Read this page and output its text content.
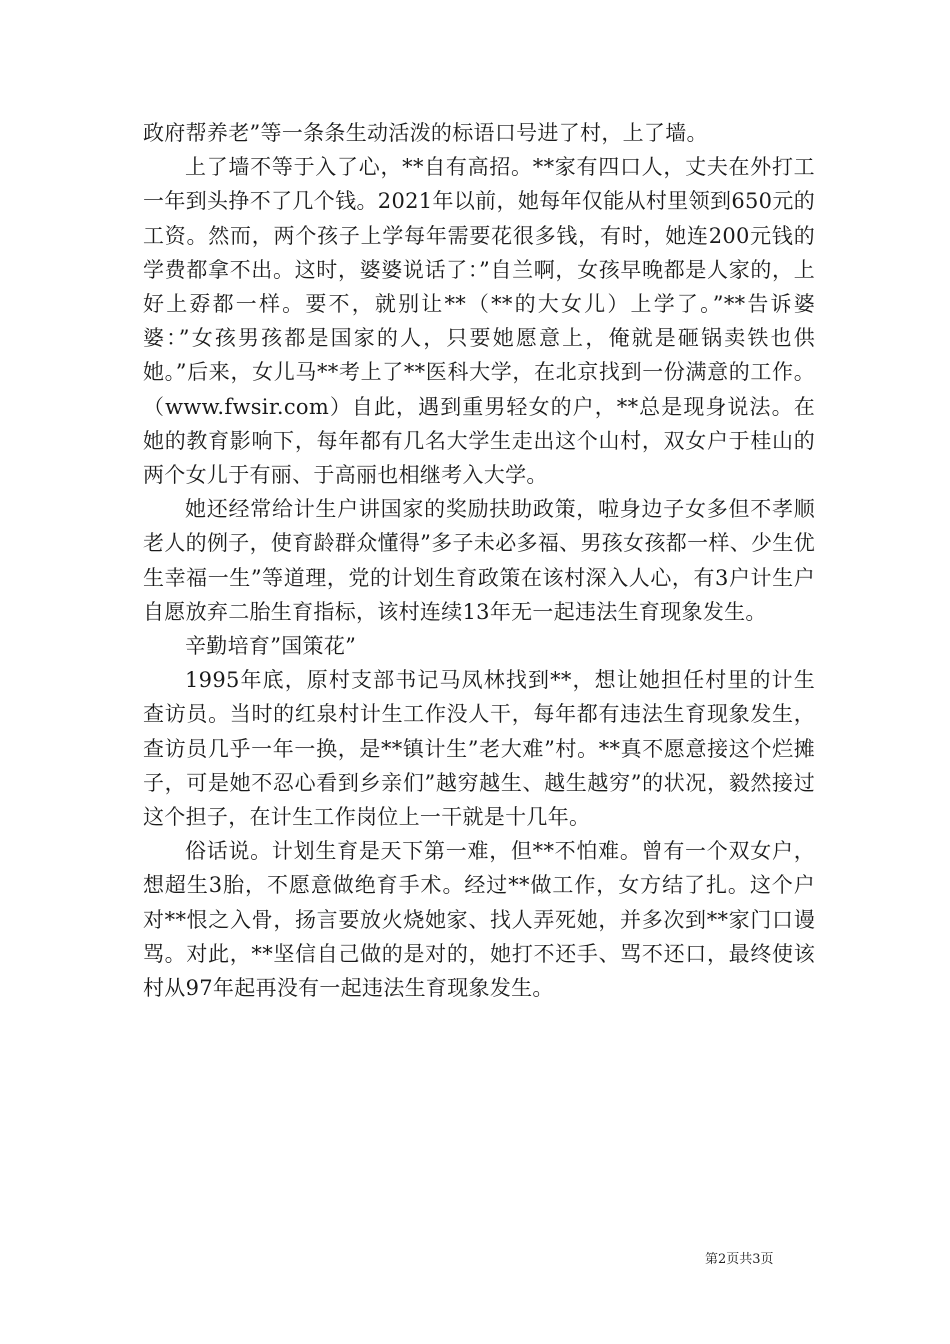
政府帮养老”等一条条生动活泼的标语口号进了村，上了墙。

上了墙不等于入了心，**自有高招。**家有四口人，丈夫在外打工一年到头挣不了几个钱。2021年以前，她每年仅能从村里领到650元的工资。然而，两个孩子上学每年需要花很多钱，有时，她连200元钱的学费都拿不出。这时，婆婆说话了：”自兰啊，女孩早晚都是人家的，上好上孬都一样。要不，就别让**（**的大女儿）上学了。”**告诉婆婆：”女孩男孩都是国家的人，只要她愿意上，俺就是砸锅卖铁也供她。”后来，女儿马**考上了**医科大学，在北京找到一份满意的工作。（www.fwsir.com）自此，遇到重男轻女的户，**总是现身说法。在她的教育影响下，每年都有几名大学生走出这个山村，双女户于桂山的两个女儿于有丽、于高丽也相继考入大学。

她还经常给计生户讲国家的奖励扶助政策，啦身边子女多但不孝顺老人的例子，使育龄群众懂得”多子未必多福、男孩女孩都一样、少生优生幸福一生”等道理，党的计划生育政策在该村深入人心，有3户计生户自愿放弃二胎生育指标，该村连续13年无一起违法生育现象发生。

辛勤培育”国策花”

1995年底，原村支部书记马凤林找到**，想让她担任村里的计生查访员。当时的红泉村计生工作没人干，每年都有违法生育现象发生，查访员几乎一年一换，是**镇计生”老大难”村。**真不愿意接这个烂摊子，可是她不忍心看到乡亲们”越穷越生、越生越穷”的状况，毅然接过这个担子，在计生工作岗位上一干就是十几年。

俗话说。计划生育是天下第一难，但**不怕难。曾有一个双女户，想超生3胎，不愿意做绝育手术。经过**做工作，女方结了扎。这个户对**恨之入骨，扬言要放火烧她家、找人弄死她，并多次到**家门口谩骂。对此，**坚信自己做的是对的，她打不还手、骂不还口，最终使该村从97年起再没有一起违法生育现象发生。

第2页共3页
